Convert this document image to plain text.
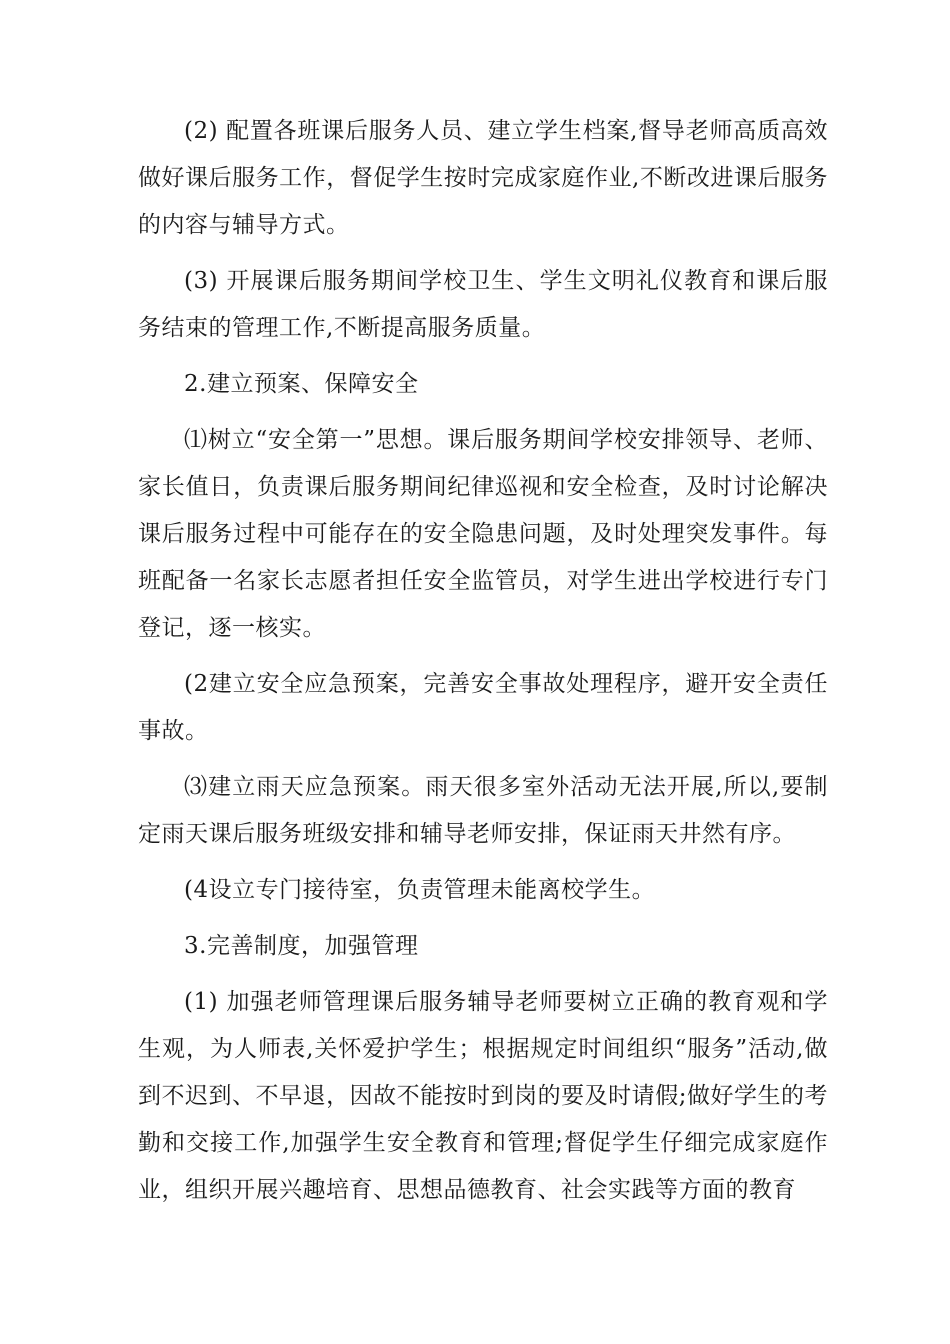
(2) 配置各班课后服务人员、建立学生档案,督导老师高质高效做好课后服务工作，督促学生按时完成家庭作业,不断改进课后服务的内容与辅导方式。

(3) 开展课后服务期间学校卫生、学生文明礼仪教育和课后服务结束的管理工作,不断提高服务质量。

2.建立预案、保障安全

⑴树立“安全第一”思想。课后服务期间学校安排领导、老师、家长值日，负责课后服务期间纪律巡视和安全检查，及时讨论解决课后服务过程中可能存在的安全隐患问题，及时处理突发事件。每班配备一名家长志愿者担任安全监管员，对学生进出学校进行专门登记，逐一核实。

(2建立安全应急预案，完善安全事故处理程序，避开安全责任事故。

⑶建立雨天应急预案。雨天很多室外活动无法开展,所以,要制定雨天课后服务班级安排和辅导老师安排，保证雨天井然有序。

(4设立专门接待室，负责管理未能离校学生。

3.完善制度，加强管理

(1) 加强老师管理课后服务辅导老师要树立正确的教育观和学生观，为人师表,关怀爱护学生；根据规定时间组织“服务”活动,做到不迟到、不早退，因故不能按时到岗的要及时请假;做好学生的考勤和交接工作,加强学生安全教育和管理;督促学生仔细完成家庭作业，组织开展兴趣培育、思想品德教育、社会实践等方面的教育
